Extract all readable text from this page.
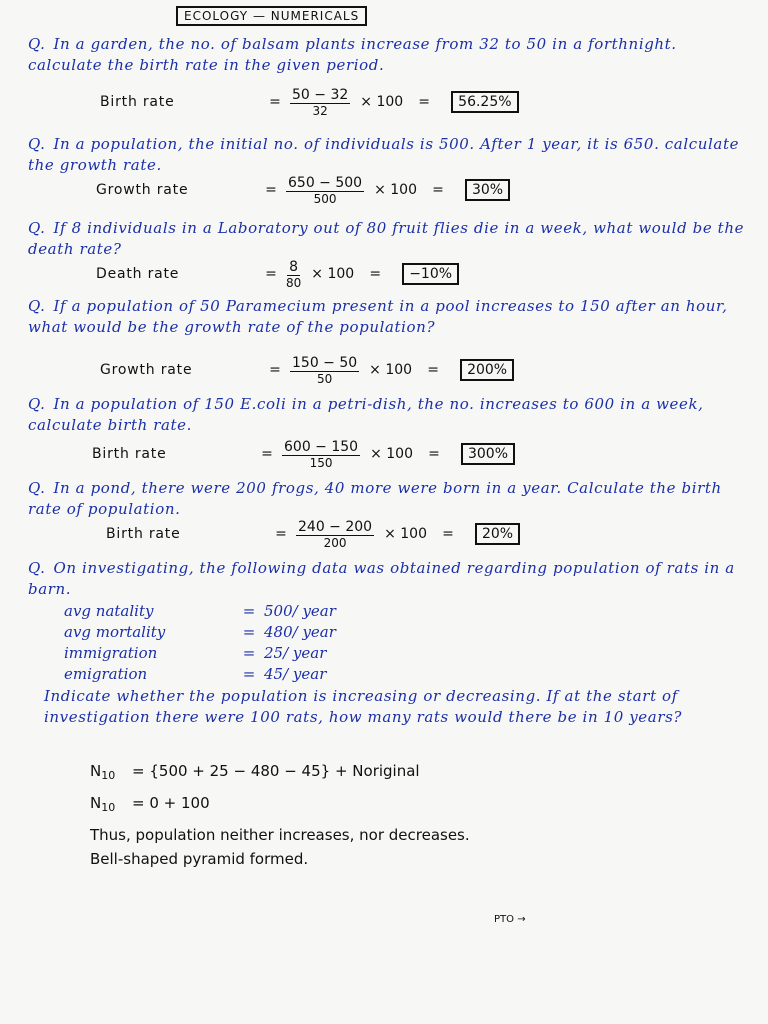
ECOLOGY — NUMERICALS
Q. In a garden, the no. of balsam plants increase from 32 to 50 in a forthnight. calculate the birth rate in the given period.
Birth rate	= $\frac{50 - 32}{32} \times 100$	=	56.25%
Q. In a population, the initial no. of individuals is 500. After 1 year, it is 650. calculate the growth rate.
Growth rate	= $\frac{650 - 500}{500} \times 100$	=	30%
Q. If 8 individuals in a Laboratory out of 80 fruit flies die in a week, what would be the death rate?
Death rate	= $\frac{8}{80} \times 100$	=	−10%
Q. If a population of 50 Paramecium present in a pool increases to 150 after an hour, what would be the growth rate of the population?
Growth rate	= $\frac{150 - 50}{50} \times 100$	=	200%
Q. In a population of 150 E.coli in a petri-dish, the no. increases to 600 in a week, calculate birth rate.
Birth rate	= $\frac{600 - 150}{150} \times 100$	=	300%
Q. In a pond, there were 200 frogs, 40 more were born in a year. Calculate the birth rate of population.
Birth rate	= $\frac{240 - 200}{200} \times 100$	=	20%
Q. On investigating, the following data was obtained regarding population of rats in a barn.
avg natality	= 500/ year
avg mortality	= 480/ year
immigration	= 25/ year
emigration	= 45/ year
Indicate whether the population is increasing or decreasing. If at the start of investigation there were 100 rats, how many rats would there be in 10 years?
$N_{10} = \{500 + 25 - 480 - 45\}$ + Noriginal
$N_{10} = 0 + 100$
Thus, population neither increases, nor decreases.
Bell-shaped pyramid formed.
PTO →
